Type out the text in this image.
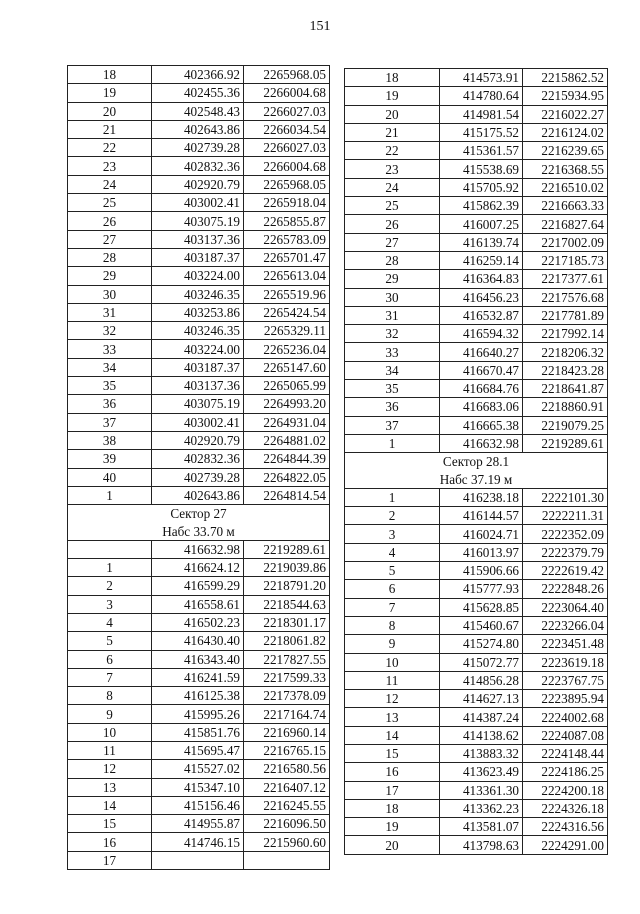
151
18	402366.92	2265968.05
19	402455.36	2266004.68
20	402548.43	2266027.03
21	402643.86	2266034.54
22	402739.28	2266027.03
23	402832.36	2266004.68
24	402920.79	2265968.05
25	403002.41	2265918.04
26	403075.19	2265855.87
27	403137.36	2265783.09
28	403187.37	2265701.47
29	403224.00	2265613.04
30	403246.35	2265519.96
31	403253.86	2265424.54
32	403246.35	2265329.11
33	403224.00	2265236.04
34	403187.37	2265147.60
35	403137.36	2265065.99
36	403075.19	2264993.20
37	403002.41	2264931.04
38	402920.79	2264881.02
39	402832.36	2264844.39
40	402739.28	2264822.05
1	402643.86	2264814.54
Сектор 27		
Набс 33.70 м		
	416632.98	2219289.61
1	416624.12	2219039.86
2	416599.29	2218791.20
3	416558.61	2218544.63
4	416502.23	2218301.17
5	416430.40	2218061.82
6	416343.40	2217827.55
7	416241.59	2217599.33
8	416125.38	2217378.09
9	415995.26	2217164.74
10	415851.76	2216960.14
11	415695.47	2216765.15
12	415527.02	2216580.56
13	415347.10	2216407.12
14	415156.46	2216245.55
15	414955.87	2216096.50
16	414746.15	2215960.60
17		
18	414573.91	2215862.52
19	414780.64	2215934.95
20	414981.54	2216022.27
21	415175.52	2216124.02
22	415361.57	2216239.65
23	415538.69	2216368.55
24	415705.92	2216510.02
25	415862.39	2216663.33
26	416007.25	2216827.64
27	416139.74	2217002.09
28	416259.14	2217185.73
29	416364.83	2217377.61
30	416456.23	2217576.68
31	416532.87	2217781.89
32	416594.32	2217992.14
33	416640.27	2218206.32
34	416670.47	2218423.28
35	416684.76	2218641.87
36	416683.06	2218860.91
37	416665.38	2219079.25
1	416632.98	2219289.61
Сектор 28.1		
Набс 37.19 м		
1	416238.18	2222101.30
2	416144.57	2222211.31
3	416024.71	2222352.09
4	416013.97	2222379.79
5	415906.66	2222619.42
6	415777.93	2222848.26
7	415628.85	2223064.40
8	415460.67	2223266.04
9	415274.80	2223451.48
10	415072.77	2223619.18
11	414856.28	2223767.75
12	414627.13	2223895.94
13	414387.24	2224002.68
14	414138.62	2224087.08
15	413883.32	2224148.44
16	413623.49	2224186.25
17	413361.30	2224200.18
18	413362.23	2224326.18
19	413581.07	2224316.56
20	413798.63	2224291.00
